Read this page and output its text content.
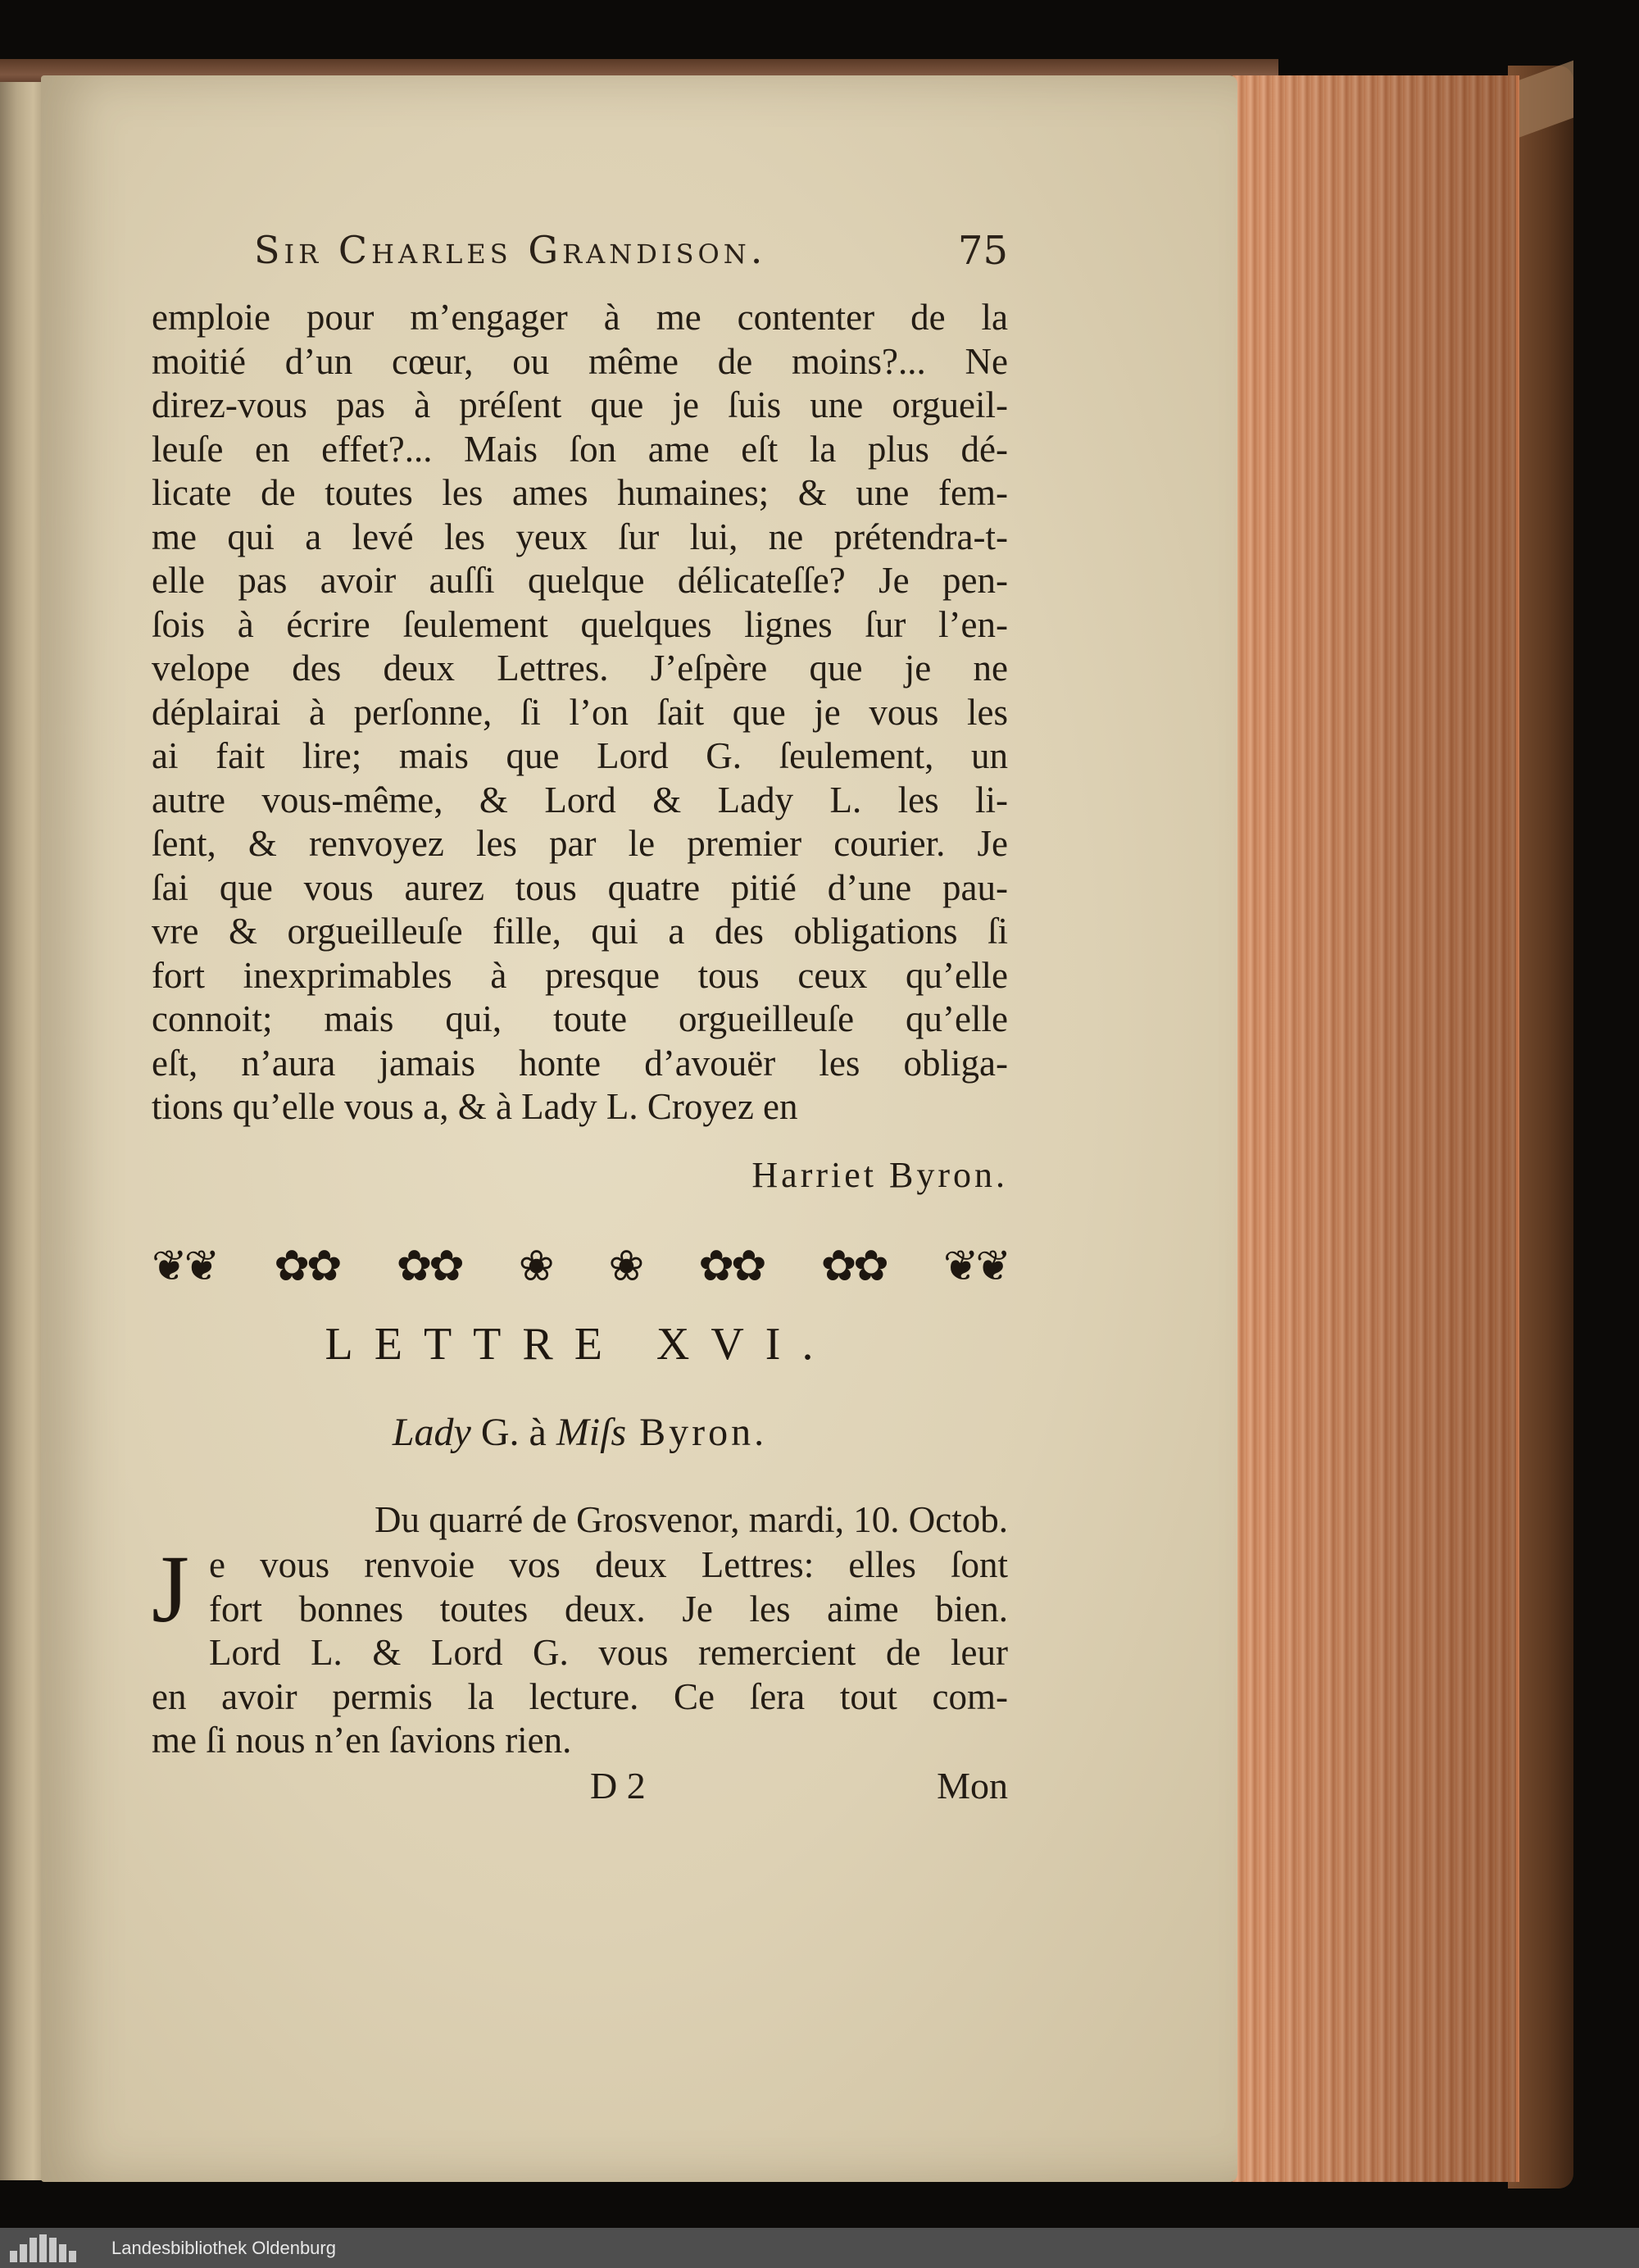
Sir Charles Grandison.	75
emploie pour m’engager à me contenter de la
moitié d’un cœur, ou même de moins?... Ne
direz-vous pas à préſent que je ſuis une orgueil-
leuſe en effet?... Mais ſon ame eſt la plus dé-
licate de toutes les ames humaines; & une fem-
me qui a levé les yeux ſur lui, ne prétendra-t-
elle pas avoir auſſi quelque délicateſſe? Je pen-
ſois à écrire ſeulement quelques lignes ſur l’en-
velope des deux Lettres. J’eſpère que je ne
déplairai à perſonne, ſi l’on ſait que je vous les
ai fait lire; mais que Lord G. ſeulement, un
autre vous-même, & Lord & Lady L. les li-
ſent, & renvoyez les par le premier courier. Je
ſai que vous aurez tous quatre pitié d’une pau-
vre & orgueilleuſe fille, qui a des obligations ſi
fort inexprimables à presque tous ceux qu’elle
connoit; mais qui, toute orgueilleuſe qu’elle
eſt, n’aura jamais honte d’avouër les obliga-
tions qu’elle vous a, & à Lady L. Croyez en
Harriet Byron.
❦❦ ✿✿ ✿✿ ❀ ❀ ✿✿ ✿✿ ❦❦
LETTRE XVI.
Lady G. à Miſs Byron.
Du quarré de Grosvenor, mardi, 10. Octob.
J e vous renvoie vos deux Lettres: elles ſont
fort bonnes toutes deux. Je les aime bien.
Lord L. & Lord G. vous remercient de leur
en avoir permis la lecture. Ce ſera tout com-
me ſi nous n’en ſavions rien.
D 2	Mon
Landesbibliothek Oldenburg
